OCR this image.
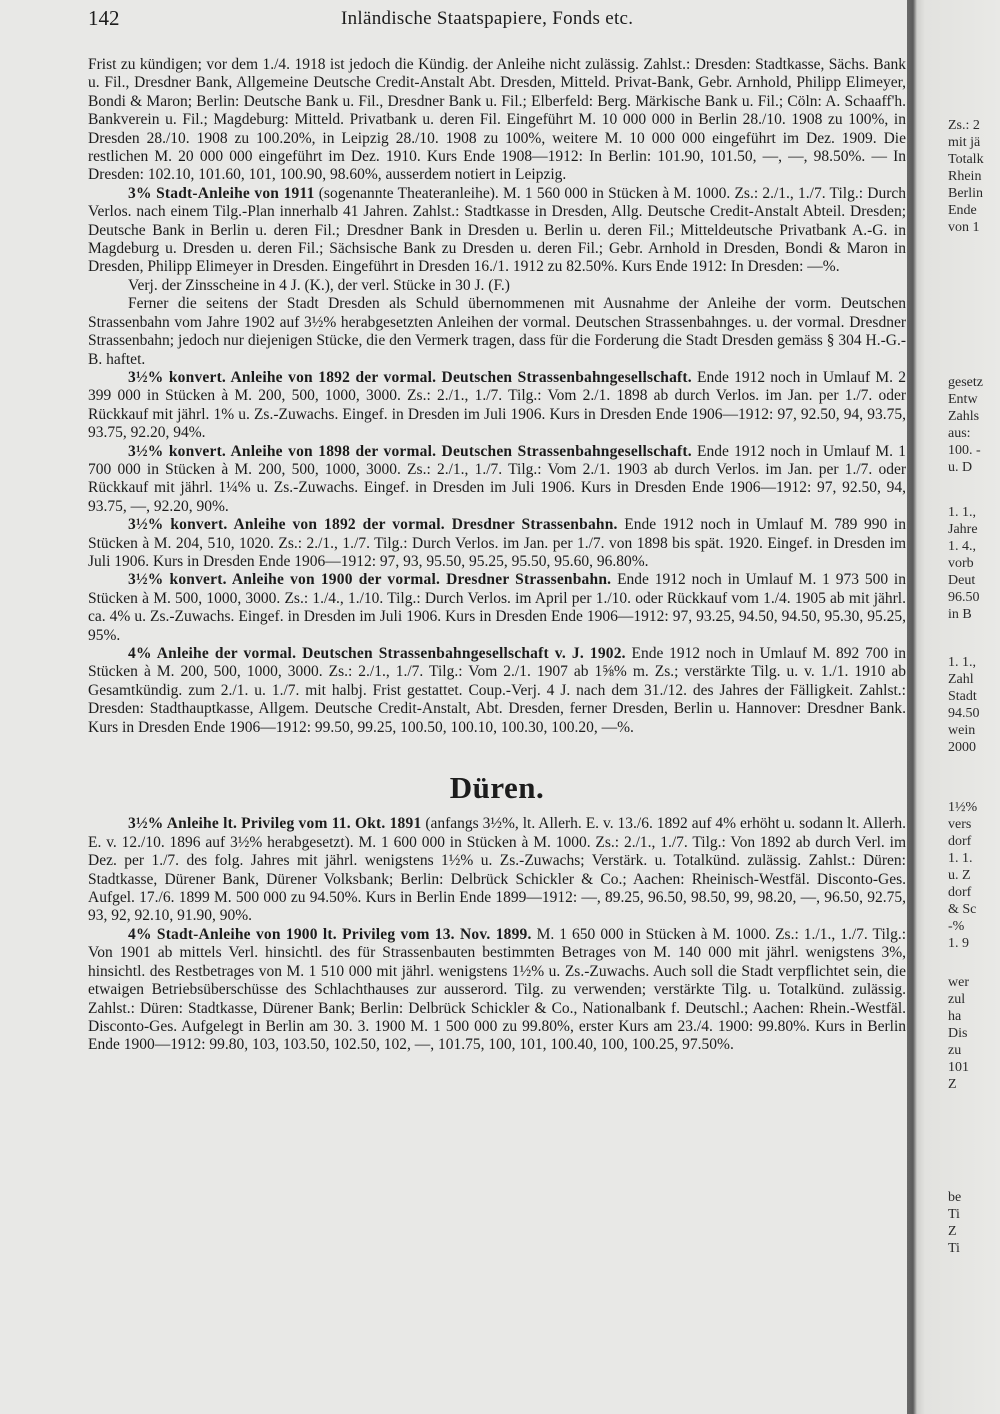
142	Inländische Staatspapiere, Fonds etc.

Frist zu kündigen; vor dem 1./4. 1918 ist jedoch die Kündig. der Anleihe nicht zulässig. Zahlst.: Dresden: Stadtkasse, Sächs. Bank u. Fil., Dresdner Bank, Allgemeine Deutsche Credit-Anstalt Abt. Dresden, Mitteld. Privat-Bank, Gebr. Arnhold, Philipp Elimeyer, Bondi & Maron; Berlin: Deutsche Bank u. Fil., Dresdner Bank u. Fil.; Elberfeld: Berg. Märkische Bank u. Fil.; Cöln: A. Schaaff'h. Bankverein u. Fil.; Magdeburg: Mitteld. Privatbank u. deren Fil. Eingeführt M. 10 000 000 in Berlin 28./10. 1908 zu 100%, in Dresden 28./10. 1908 zu 100.20%, in Leipzig 28./10. 1908 zu 100%, weitere M. 10 000 000 eingeführt im Dez. 1909. Die restlichen M. 20 000 000 eingeführt im Dez. 1910. Kurs Ende 1908—1912: In Berlin: 101.90, 101.50, —, —, 98.50%. — In Dresden: 102.10, 101.60, 101, 100.90, 98.60%, ausserdem notiert in Leipzig.

3% Stadt-Anleihe von 1911 (sogenannte Theateranleihe). M. 1 560 000 in Stücken à M. 1000. Zs.: 2./1., 1./7. Tilg.: Durch Verlos. nach einem Tilg.-Plan innerhalb 41 Jahren. Zahlst.: Stadtkasse in Dresden, Allg. Deutsche Credit-Anstalt Abteil. Dresden; Deutsche Bank in Berlin u. deren Fil.; Dresdner Bank in Dresden u. Berlin u. deren Fil.; Mitteldeutsche Privatbank A.-G. in Magdeburg u. Dresden u. deren Fil.; Sächsische Bank zu Dresden u. deren Fil.; Gebr. Arnhold in Dresden, Bondi & Maron in Dresden, Philipp Elimeyer in Dresden. Eingeführt in Dresden 16./1. 1912 zu 82.50%. Kurs Ende 1912: In Dresden: —%.

Verj. der Zinsscheine in 4 J. (K.), der verl. Stücke in 30 J. (F.)

Ferner die seitens der Stadt Dresden als Schuld übernommenen mit Ausnahme der Anleihe der vorm. Deutschen Strassenbahn vom Jahre 1902 auf 3½% herabgesetzten Anleihen der vormal. Deutschen Strassenbahnges. u. der vormal. Dresdner Strassenbahn; jedoch nur diejenigen Stücke, die den Vermerk tragen, dass für die Forderung die Stadt Dresden gemäss § 304 H.-G.-B. haftet.

3½% konvert. Anleihe von 1892 der vormal. Deutschen Strassenbahngesellschaft. Ende 1912 noch in Umlauf M. 2 399 000 in Stücken à M. 200, 500, 1000, 3000. Zs.: 2./1., 1./7. Tilg.: Vom 2./1. 1898 ab durch Verlos. im Jan. per 1./7. oder Rückkauf mit jährl. 1% u. Zs.-Zuwachs. Eingef. in Dresden im Juli 1906. Kurs in Dresden Ende 1906—1912: 97, 92.50, 94, 93.75, 93.75, 92.20, 94%.

3½% konvert. Anleihe von 1898 der vormal. Deutschen Strassenbahngesellschaft. Ende 1912 noch in Umlauf M. 1 700 000 in Stücken à M. 200, 500, 1000, 3000. Zs.: 2./1., 1./7. Tilg.: Vom 2./1. 1903 ab durch Verlos. im Jan. per 1./7. oder Rückkauf mit jährl. 1¼% u. Zs.-Zuwachs. Eingef. in Dresden im Juli 1906. Kurs in Dresden Ende 1906—1912: 97, 92.50, 94, 93.75, —, 92.20, 90%.

3½% konvert. Anleihe von 1892 der vormal. Dresdner Strassenbahn. Ende 1912 noch in Umlauf M. 789 990 in Stücken à M. 204, 510, 1020. Zs.: 2./1., 1./7. Tilg.: Durch Verlos. im Jan. per 1./7. von 1898 bis spät. 1920. Eingef. in Dresden im Juli 1906. Kurs in Dresden Ende 1906—1912: 97, 93, 95.50, 95.25, 95.50, 95.60, 96.80%.

3½% konvert. Anleihe von 1900 der vormal. Dresdner Strassenbahn. Ende 1912 noch in Umlauf M. 1 973 500 in Stücken à M. 500, 1000, 3000. Zs.: 1./4., 1./10. Tilg.: Durch Verlos. im April per 1./10. oder Rückkauf vom 1./4. 1905 ab mit jährl. ca. 4% u. Zs.-Zuwachs. Eingef. in Dresden im Juli 1906. Kurs in Dresden Ende 1906—1912: 97, 93.25, 94.50, 94.50, 95.30, 95.25, 95%.

4% Anleihe der vormal. Deutschen Strassenbahngesellschaft v. J. 1902. Ende 1912 noch in Umlauf M. 892 700 in Stücken à M. 200, 500, 1000, 3000. Zs.: 2./1., 1./7. Tilg.: Vom 2./1. 1907 ab 1⅝% m. Zs.; verstärkte Tilg. u. v. 1./1. 1910 ab Gesamtkündig. zum 2./1. u. 1./7. mit halbj. Frist gestattet. Coup.-Verj. 4 J. nach dem 31./12. des Jahres der Fälligkeit. Zahlst.: Dresden: Stadthauptkasse, Allgem. Deutsche Credit-Anstalt, Abt. Dresden, ferner Dresden, Berlin u. Hannover: Dresdner Bank. Kurs in Dresden Ende 1906—1912: 99.50, 99.25, 100.50, 100.10, 100.30, 100.20, —%.

Düren.

3½% Anleihe lt. Privileg vom 11. Okt. 1891 (anfangs 3½%, lt. Allerh. E. v. 13./6. 1892 auf 4% erhöht u. sodann lt. Allerh. E. v. 12./10. 1896 auf 3½% herabgesetzt). M. 1 600 000 in Stücken à M. 1000. Zs.: 2./1., 1./7. Tilg.: Von 1892 ab durch Verl. im Dez. per 1./7. des folg. Jahres mit jährl. wenigstens 1½% u. Zs.-Zuwachs; Verstärk. u. Totalkünd. zulässig. Zahlst.: Düren: Stadtkasse, Dürener Bank, Dürener Volksbank; Berlin: Delbrück Schickler & Co.; Aachen: Rheinisch-Westfäl. Disconto-Ges. Aufgel. 17./6. 1899 M. 500 000 zu 94.50%. Kurs in Berlin Ende 1899—1912: —, 89.25, 96.50, 98.50, 99, 98.20, —, 96.50, 92.75, 93, 92, 92.10, 91.90, 90%.

4% Stadt-Anleihe von 1900 lt. Privileg vom 13. Nov. 1899. M. 1 650 000 in Stücken à M. 1000. Zs.: 1./1., 1./7. Tilg.: Von 1901 ab mittels Verl. hinsichtl. des für Strassenbauten bestimmten Betrages von M. 140 000 mit jährl. wenigstens 3%, hinsichtl. des Restbetrages von M. 1 510 000 mit jährl. wenigstens 1½% u. Zs.-Zuwachs. Auch soll die Stadt verpflichtet sein, die etwaigen Betriebsüberschüsse des Schlachthauses zur ausserord. Tilg. zu verwenden; verstärkte Tilg. u. Totalkünd. zulässig. Zahlst.: Düren: Stadtkasse, Dürener Bank; Berlin: Delbrück Schickler & Co., Nationalbank f. Deutschl.; Aachen: Rhein.-Westfäl. Disconto-Ges. Aufgelegt in Berlin am 30. 3. 1900 M. 1 500 000 zu 99.80%, erster Kurs am 23./4. 1900: 99.80%. Kurs in Berlin Ende 1900—1912: 99.80, 103, 103.50, 102.50, 102, —, 101.75, 100, 101, 100.40, 100, 100.25, 97.50%.

Zs.: 2
mit jä
Totalk
Rhein
Berlin
Ende
von 1
gesetz
Entw
Zahls
aus:
100. -
u. D
1. 1.,
Jahre
1. 4.,
vorb
Deut
96.50
in B
1. 1.,
Zahl
Stadt
94.50
wein
2000
1½%
vers
dorf
1. 1.
u. Z
dorf
& Sc
-%
1. 9
wer
zul
ha
Dis
zu
101
Z
be
Ti
Z
Ti
